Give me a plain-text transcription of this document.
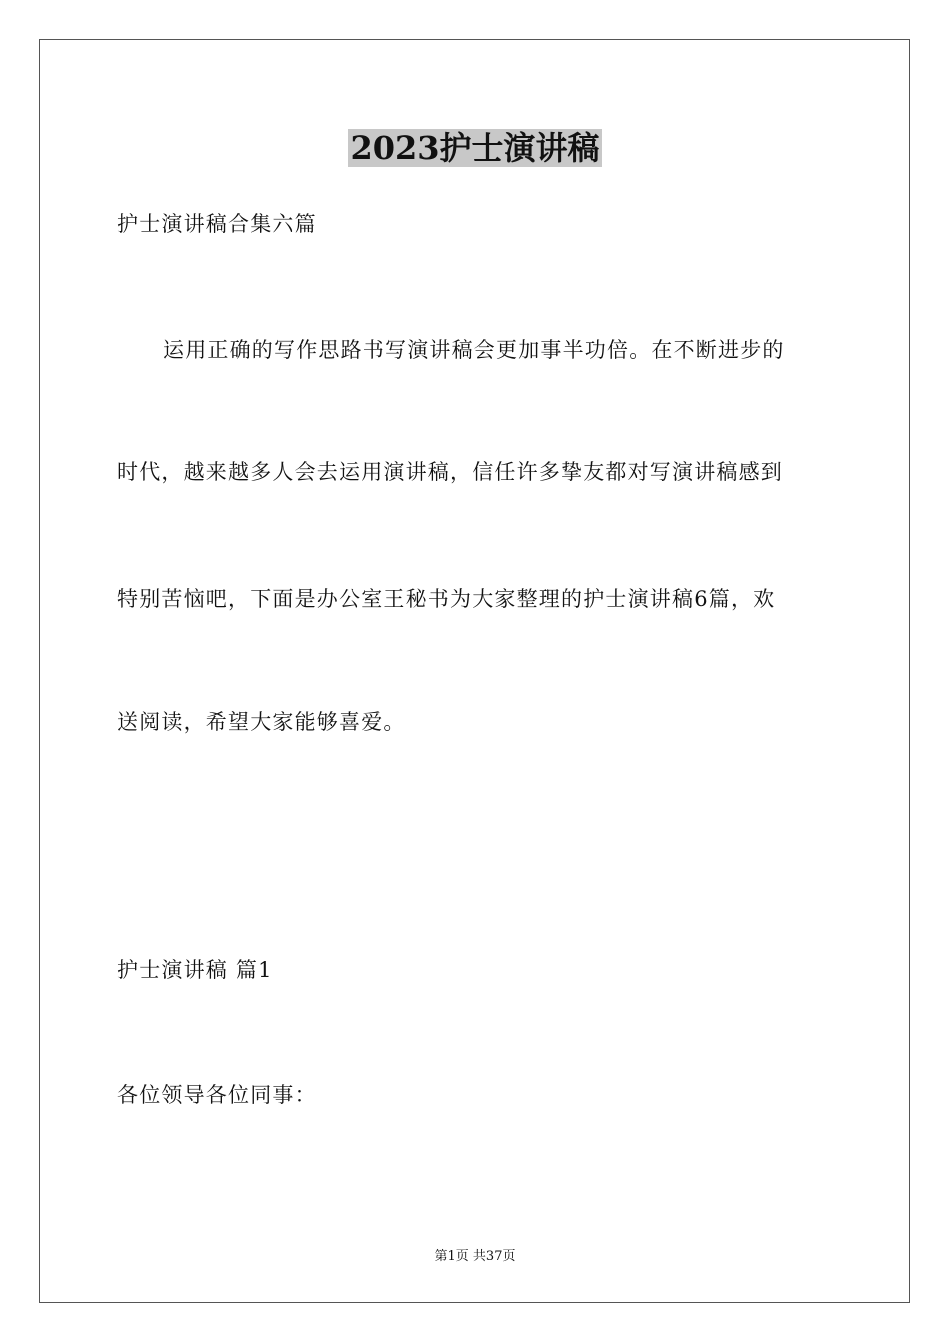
2023护士演讲稿
护士演讲稿合集六篇
运用正确的写作思路书写演讲稿会更加事半功倍。在不断进步的
时代，越来越多人会去运用演讲稿，信任许多挚友都对写演讲稿感到
特别苦恼吧，下面是办公室王秘书为大家整理的护士演讲稿6篇，欢
送阅读，希望大家能够喜爱。
护士演讲稿 篇1
各位领导各位同事：
第1页 共37页
